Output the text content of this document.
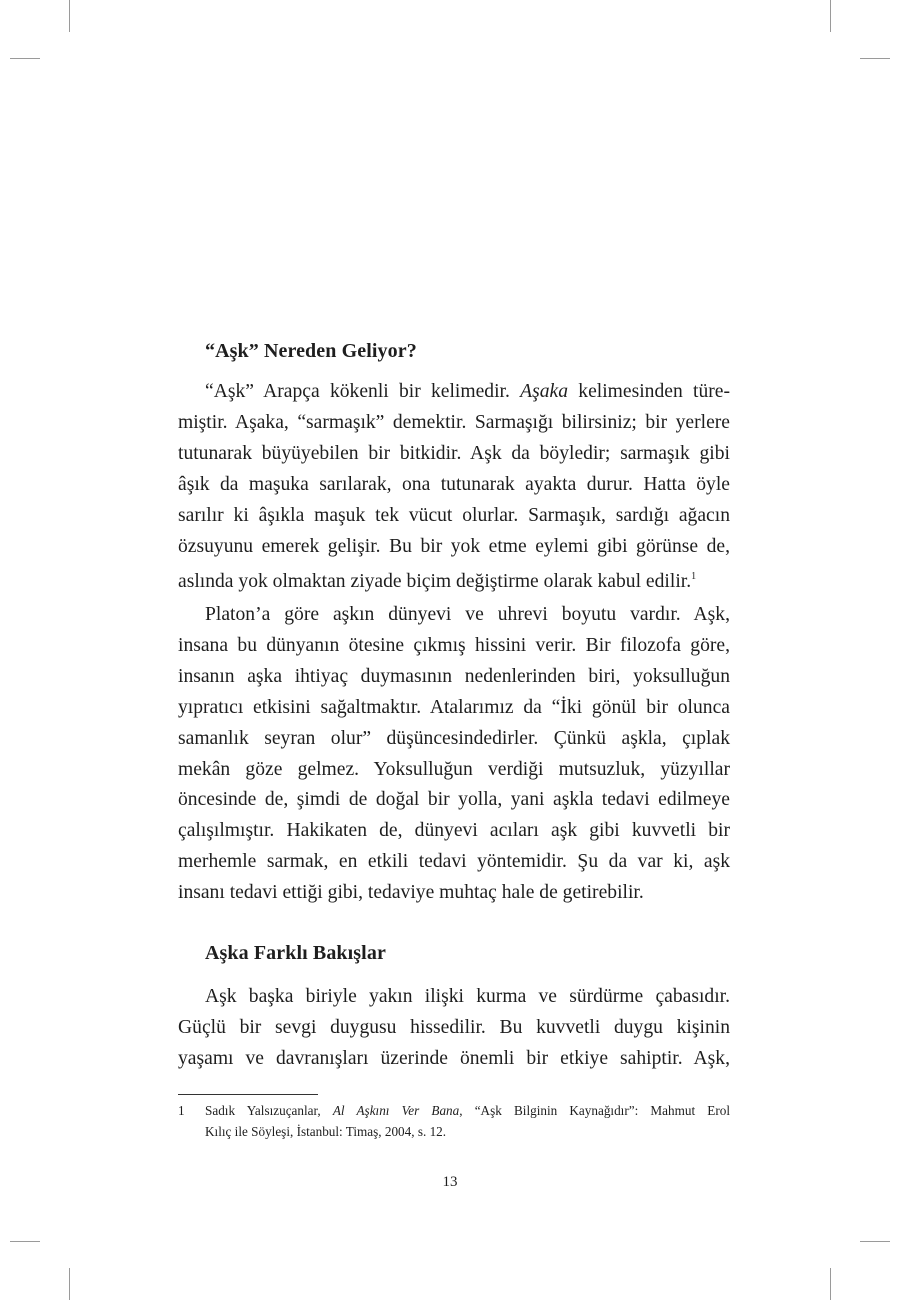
“Aşk” Nereden Geliyor?

“Aşk” Arapça kökenli bir kelimedir. Aşaka kelimesinden türe-
miştir. Aşaka, “sarmaşık” demektir. Sarmaşığı bilirsiniz; bir yerlere
tutunarak büyüyebilen bir bitkidir. Aşk da böyledir; sarmaşık gibi
âşık da maşuka sarılarak, ona tutunarak ayakta durur. Hatta öyle
sarılır ki âşıkla maşuk tek vücut olurlar. Sarmaşık, sardığı ağacın
özsuyunu emerek gelişir. Bu bir yok etme eylemi gibi görünse de,
aslında yok olmaktan ziyade biçim değiştirme olarak kabul edilir.$^1$

Platon’a göre aşkın dünyevi ve uhrevi boyutu vardır. Aşk,
insana bu dünyanın ötesine çıkmış hissini verir. Bir filozofa göre,
insanın aşka ihtiyaç duymasının nedenlerinden biri, yoksulluğun
yıpratıcı etkisini sağaltmaktır. Atalarımız da “İki gönül bir olunca
samanlık seyran olur” düşüncesindedirler. Çünkü aşkla, çıplak
mekân göze gelmez. Yoksulluğun verdiği mutsuzluk, yüzyıllar
öncesinde de, şimdi de doğal bir yolla, yani aşkla tedavi edilmeye
çalışılmıştır. Hakikaten de, dünyevi acıları aşk gibi kuvvetli bir
merhemle sarmak, en etkili tedavi yöntemidir. Şu da var ki, aşk
insanı tedavi ettiği gibi, tedaviye muhtaç hale de getirebilir.

Aşka Farklı Bakışlar

Aşk başka biriyle yakın ilişki kurma ve sürdürme çabasıdır.
Güçlü bir sevgi duygusu hissedilir. Bu kuvvetli duygu kişinin
yaşamı ve davranışları üzerinde önemli bir etkiye sahiptir. Aşk,

1 Sadık Yalsızuçanlar, Al Aşkını Ver Bana, “Aşk Bilginin Kaynağıdır”: Mahmut Erol
Kılıç ile Söyleşi, İstanbul: Timaş, 2004, s. 12.
13
